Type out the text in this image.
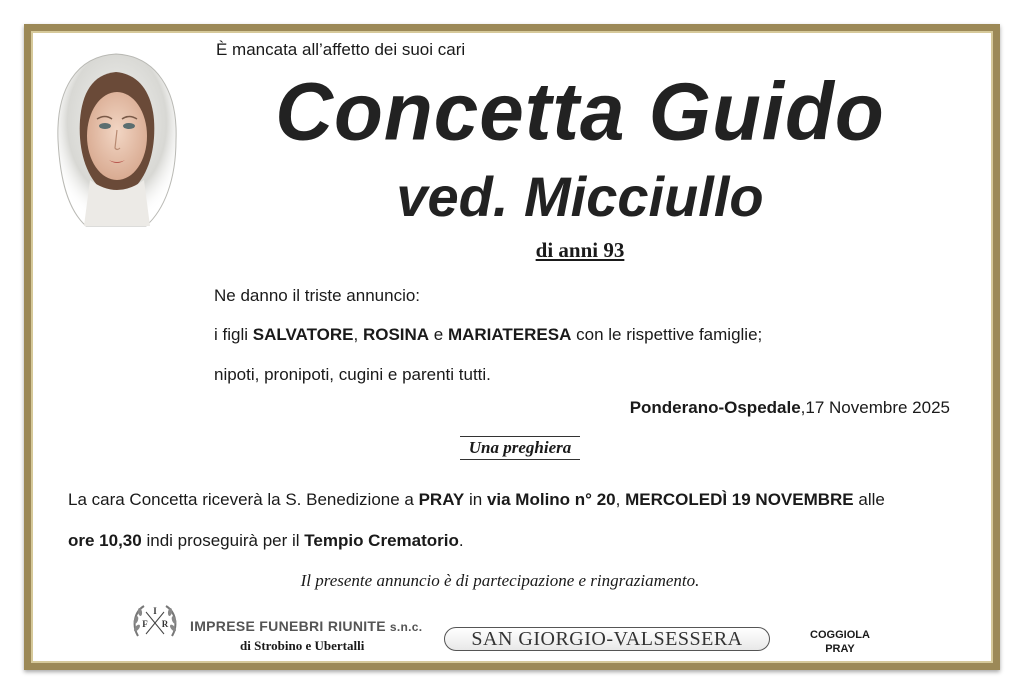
È mancata all’affetto dei suoi cari
Concetta Guido
ved. Micciullo
di anni 93
Ne danno il triste annuncio:
i figli SALVATORE, ROSINA e MARIATERESA con le rispettive famiglie;
nipoti, pronipoti, cugini e parenti tutti.
Ponderano-Ospedale,17 Novembre 2025
Una preghiera
La cara Concetta riceverà la S. Benedizione a PRAY in via Molino n° 20, MERCOLEDÌ 19 NOVEMBRE alle
ore 10,30 indi proseguirà per il Tempio Crematorio.
Il presente annuncio è di partecipazione e ringraziamento.
I
F R IMPRESE FUNEBRI RIUNITE s.n.c.
di Strobino e Ubertalli	SAN GIORGIO-VALSESSERA	COGGIOLA
PRAY
